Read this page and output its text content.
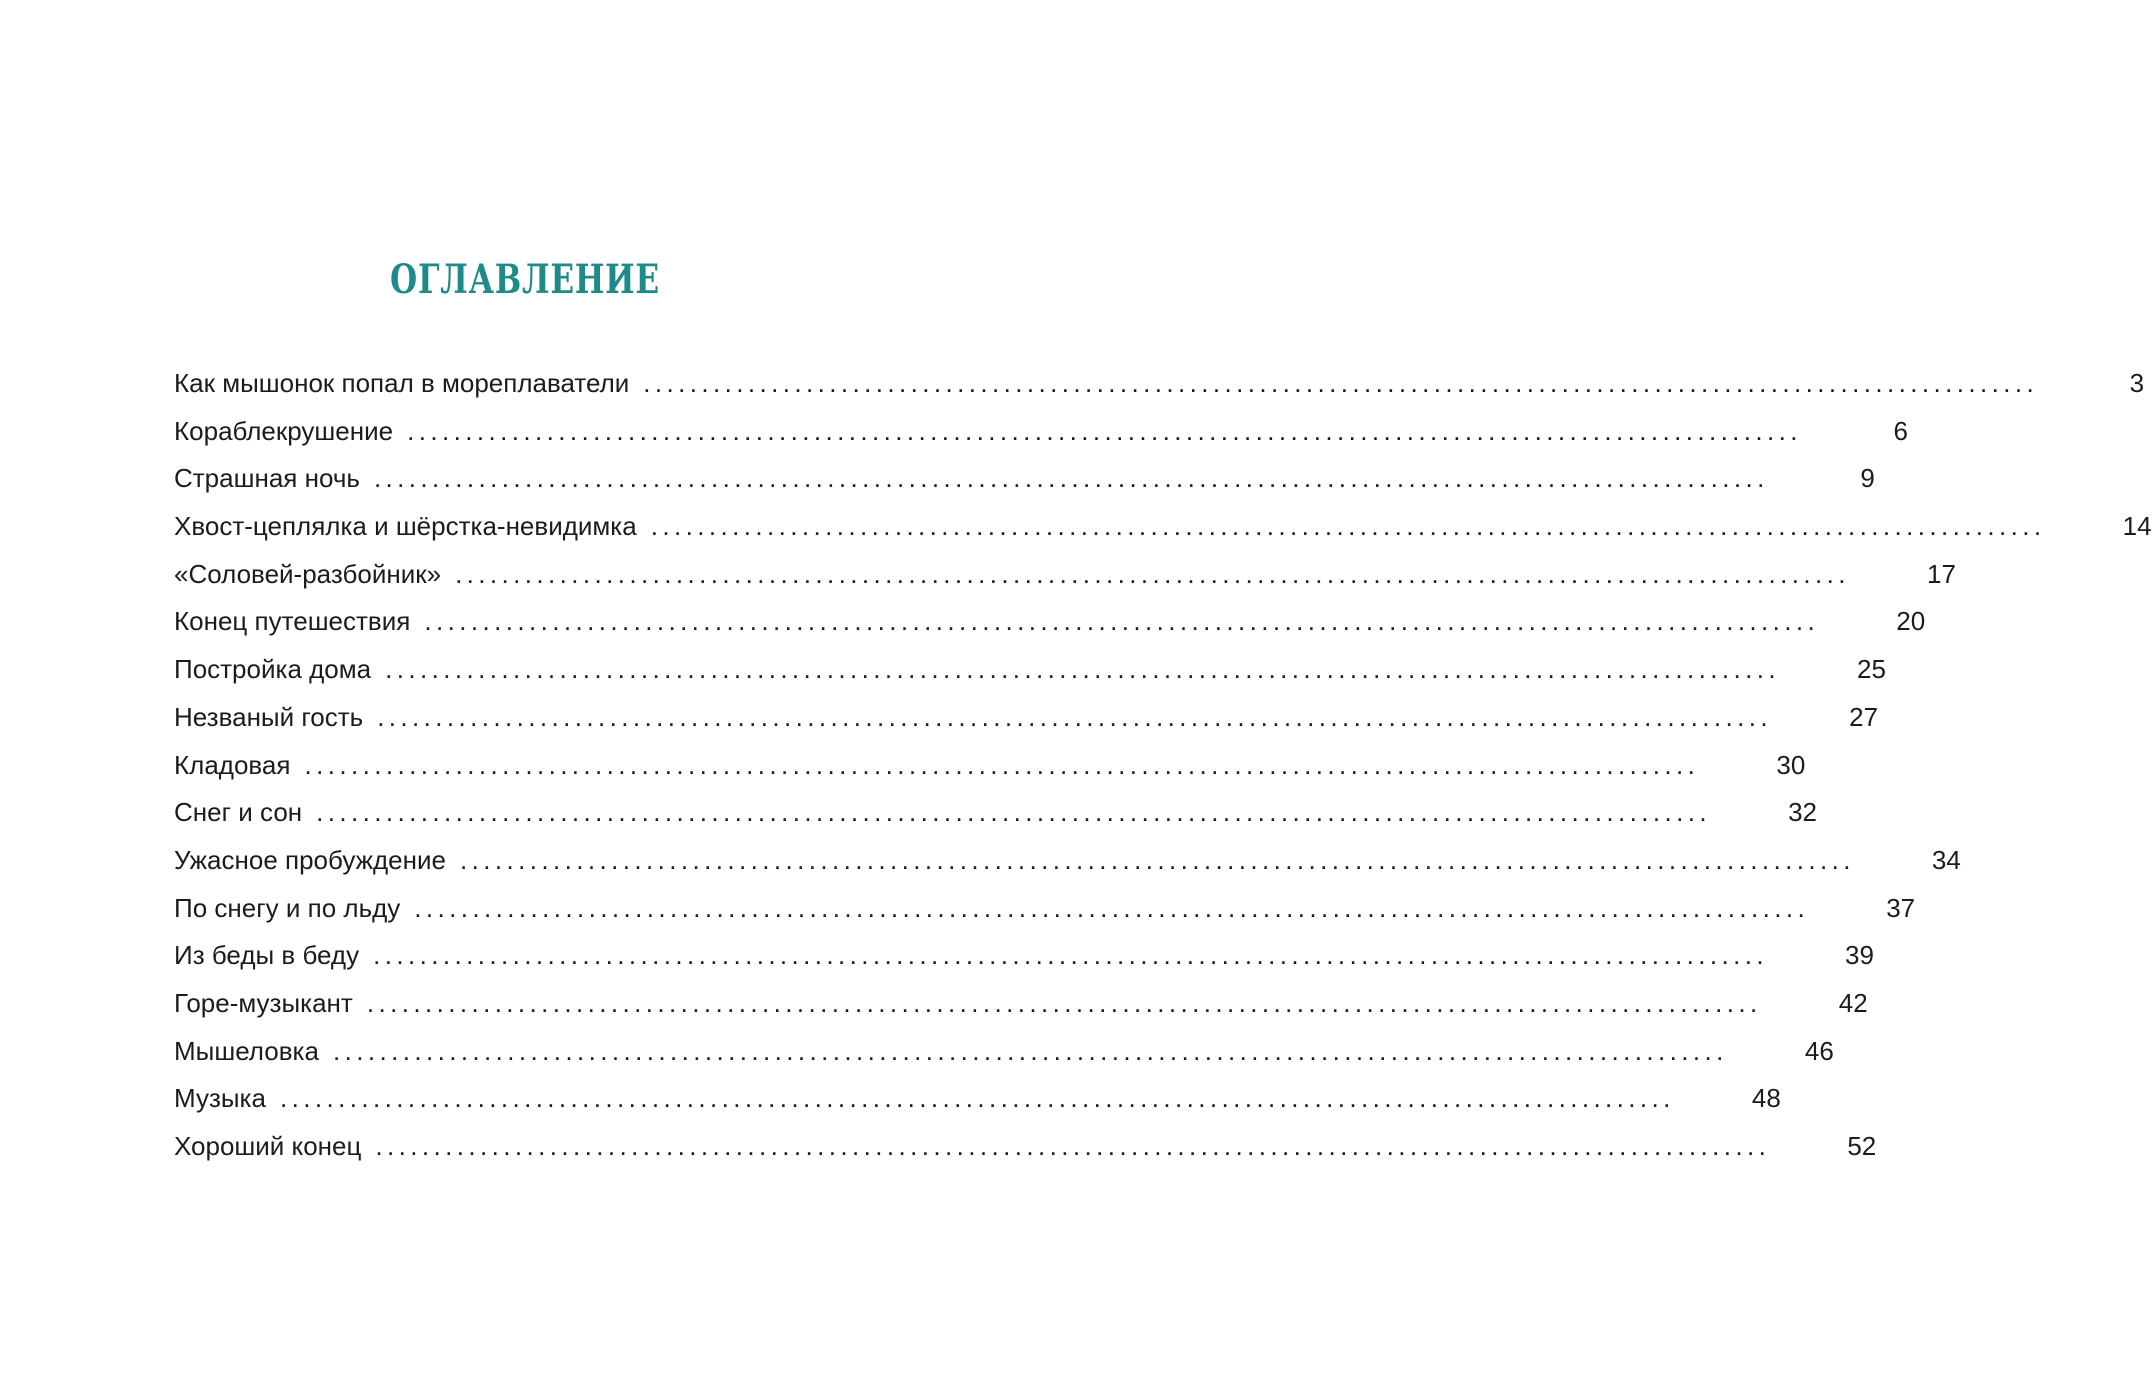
ОГЛАВЛЕНИЕ
Как мышонок попал в мореплаватели ........................................................................................................................	3
Кораблекрушение ........................................................................................................................	6
Страшная ночь ........................................................................................................................	9
Хвост-цеплялка и шёрстка-невидимка ........................................................................................................................	14
«Соловей-разбойник» ........................................................................................................................	17
Конец путешествия ........................................................................................................................	20
Постройка дома ........................................................................................................................	25
Незваный гость ........................................................................................................................	27
Кладовая ........................................................................................................................	30
Снег и сон ........................................................................................................................	32
Ужасное пробуждение ........................................................................................................................	34
По снегу и по льду ........................................................................................................................	37
Из беды в беду ........................................................................................................................	39
Горе-музыкант ........................................................................................................................	42
Мышеловка ........................................................................................................................	46
Музыка ........................................................................................................................	48
Хороший конец ........................................................................................................................	52
